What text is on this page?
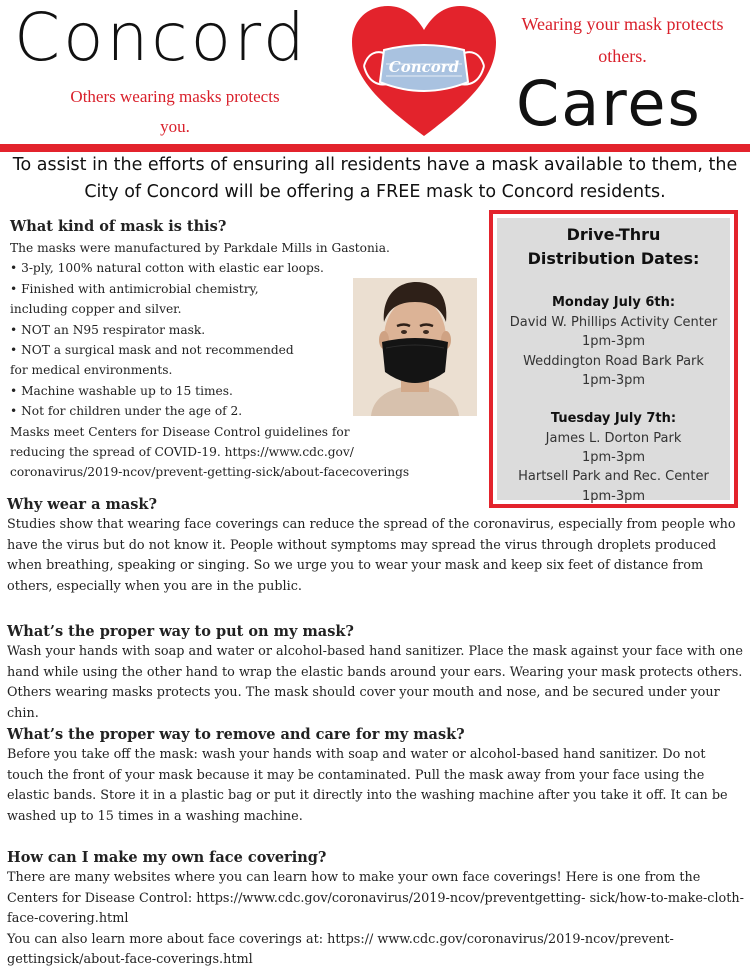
Concord
Others wearing masks protects you.
Concord
Wearing your mask protects others.
Cares
To assist in the efforts of ensuring all residents have a mask available to them, the City of Concord will be offering a FREE mask to Concord residents.
What kind of mask is this?
The masks were manufactured by Parkdale Mills in Gastonia.
• 3-ply, 100% natural cotton with elastic ear loops.
• Finished with antimicrobial chemistry,
including copper and silver.
• NOT an N95 respirator mask.
• NOT a surgical mask and not recommended
for medical environments.
• Machine washable up to 15 times.
• Not for children under the age of 2.
Masks meet Centers for Disease Control guidelines for
reducing the spread of COVID-19. https://www.cdc.gov/
coronavirus/2019-ncov/prevent-getting-sick/about-facecoverings
Drive-Thru
Distribution Dates:
Monday July 6th:
David W. Phillips Activity Center
1pm-3pm
Weddington Road Bark Park
1pm-3pm
Tuesday July 7th:
James L. Dorton Park
1pm-3pm
Hartsell Park and Rec. Center
1pm-3pm
Why wear a mask?
Studies show that wearing face coverings can reduce the spread of the coronavirus, especially from people who have the virus but do not know it. People without symptoms may spread the virus through droplets produced when breathing, speaking or singing. So we urge you to wear your mask and keep six feet of distance from others, especially when you are in the public.
What’s the proper way to put on my mask?
Wash your hands with soap and water or alcohol-based hand sanitizer. Place the mask against your face with one hand while using the other hand to wrap the elastic bands around your ears. Wearing your mask protects others. Others wearing masks protects you. The mask should cover your mouth and nose, and be secured under your chin.
What’s the proper way to remove and care for my mask?
Before you take off the mask: wash your hands with soap and water or alcohol-based hand sanitizer. Do not touch the front of your mask because it may be contaminated. Pull the mask away from your face using the elastic bands. Store it in a plastic bag or put it directly into the washing machine after you take it off. It can be washed up to 15 times in a washing machine.
How can I make my own face covering?
There are many websites where you can learn how to make your own face coverings! Here is one from the Centers for Disease Control: https://www.cdc.gov/coronavirus/2019-ncov/preventgetting- sick/how-to-make-cloth-face-covering.html
You can also learn more about face coverings at: https:// www.cdc.gov/coronavirus/2019-ncov/prevent-gettingsick/about-face-coverings.html
